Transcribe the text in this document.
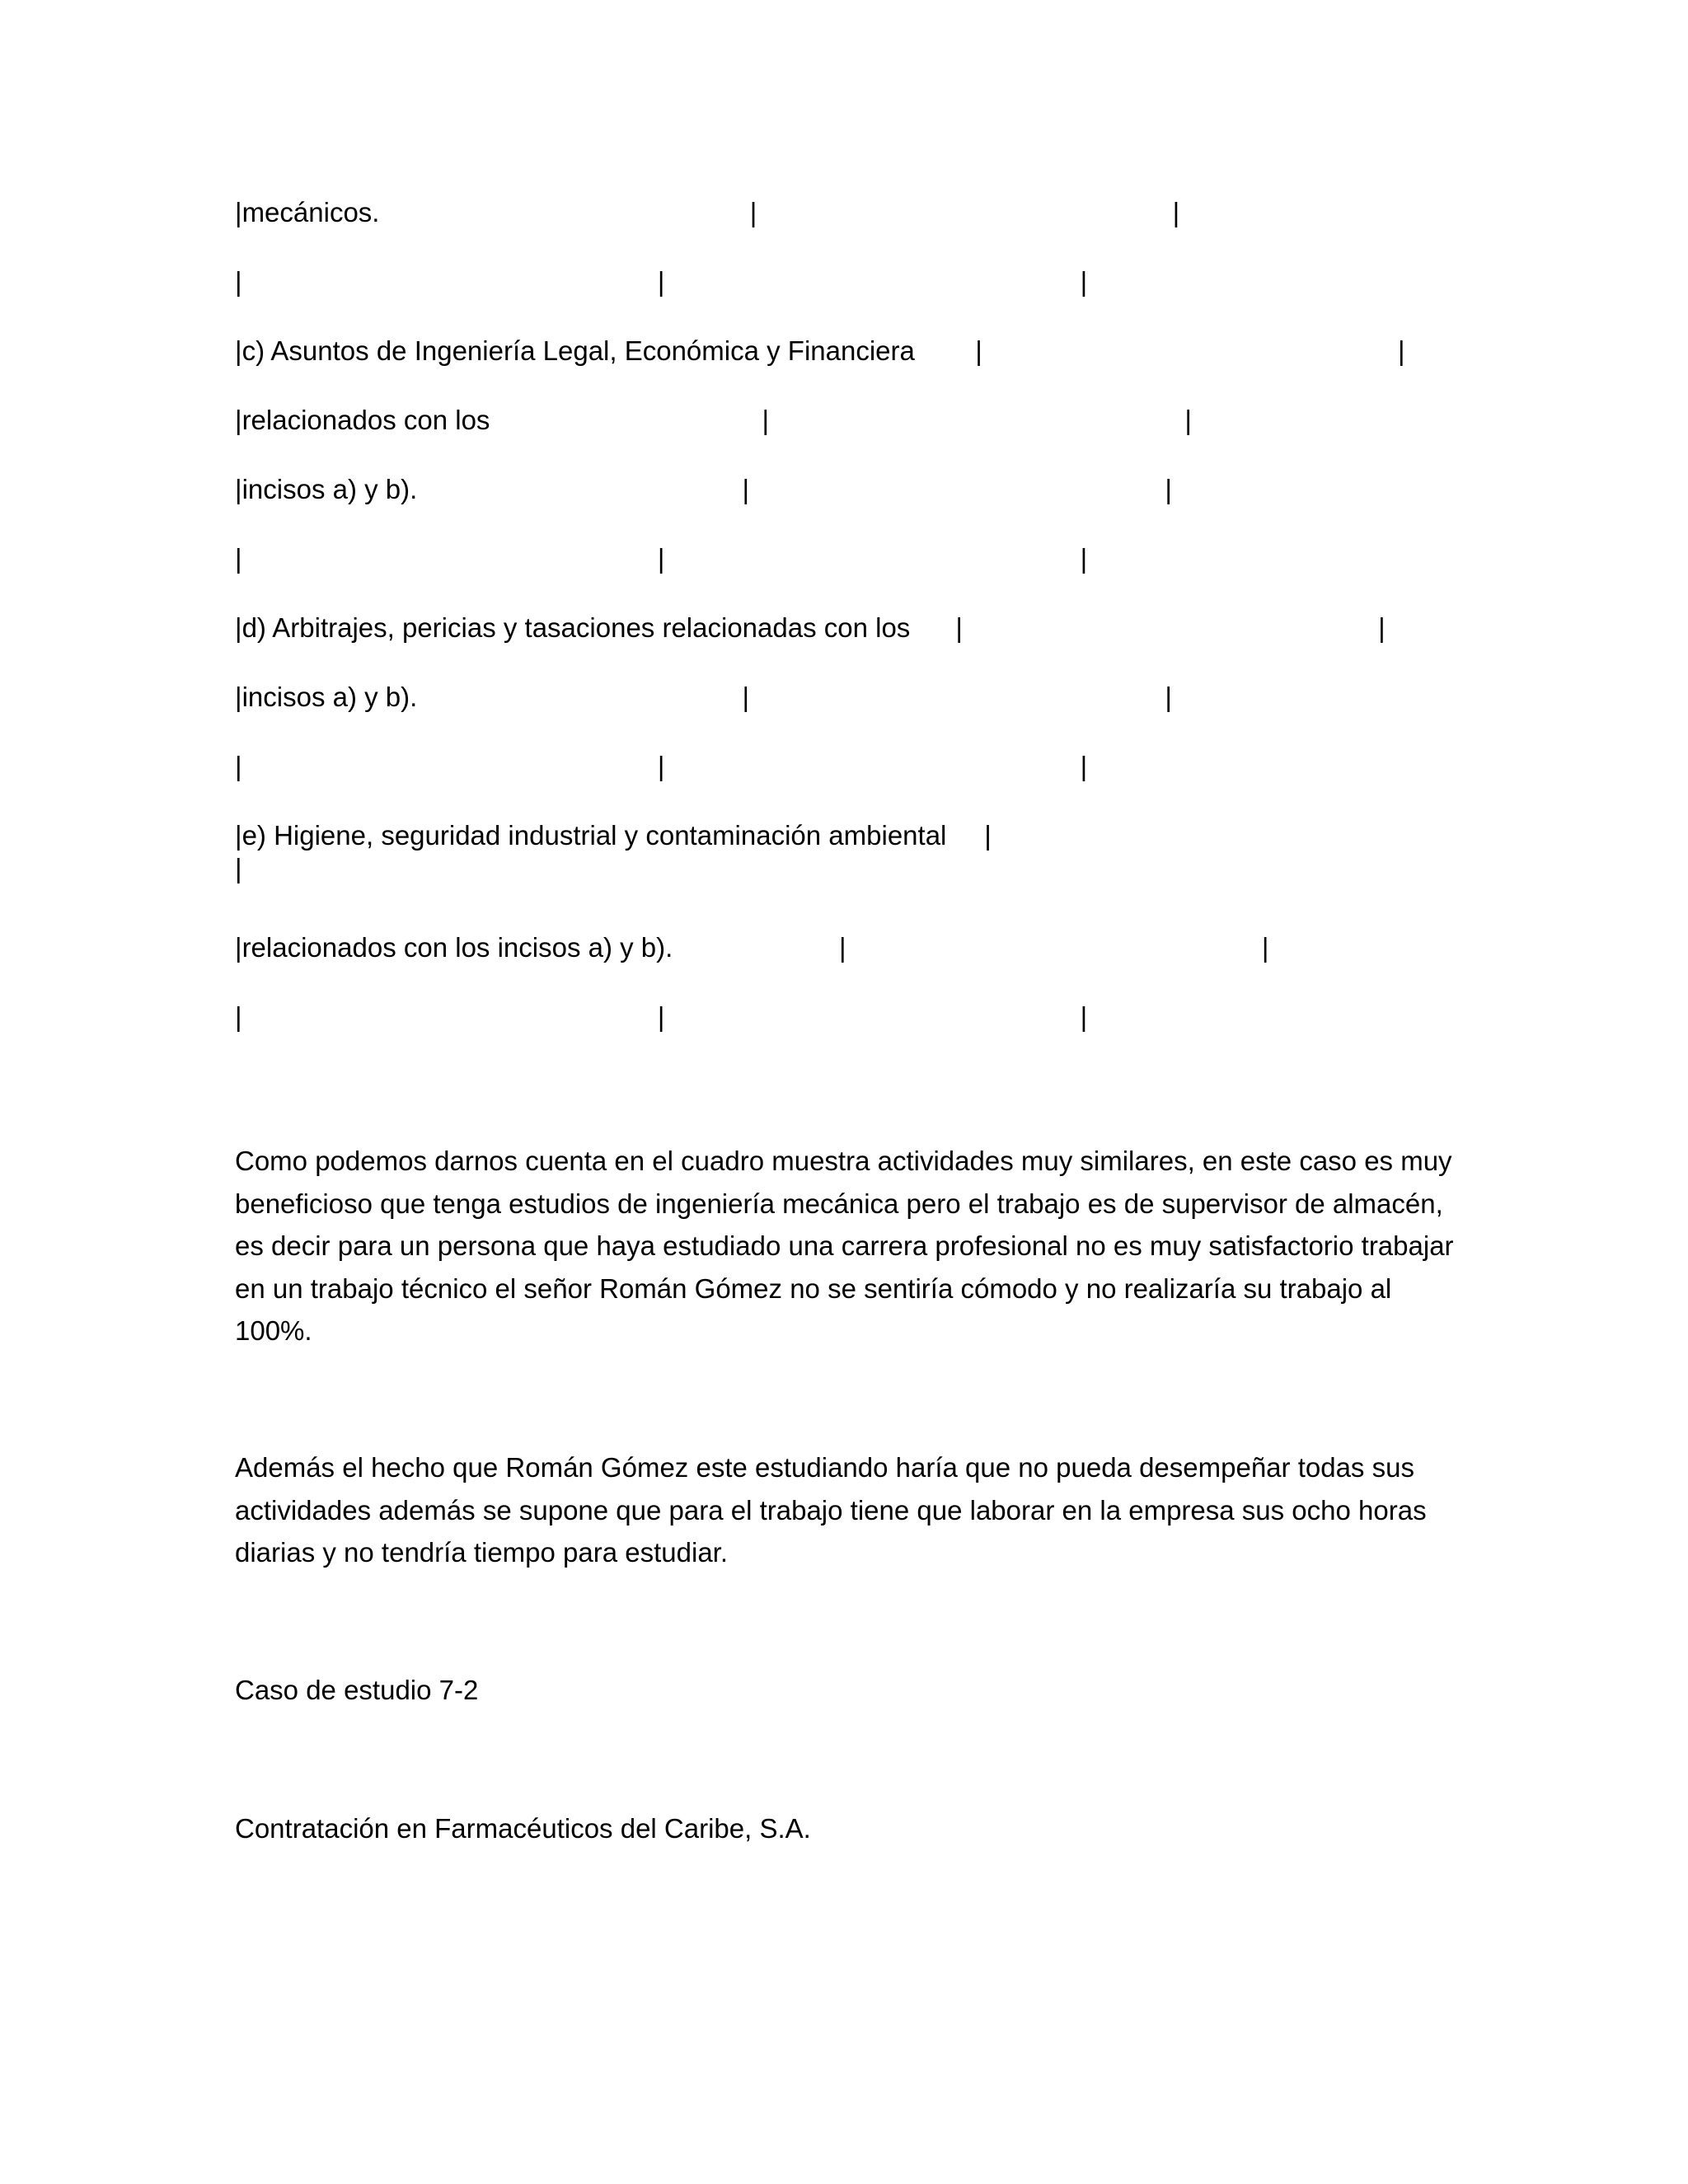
|mecánicos.                                                 |                                                       |
|                                                       |                                                       |
|c) Asuntos de Ingeniería Legal, Económica y Financiera        |                                                       |
|relacionados con los                                    |                                                       |
|incisos a) y b).                                           |                                                       |
|                                                       |                                                       |
|d) Arbitrajes, pericias y tasaciones relacionadas con los      |                                                       |
|incisos a) y b).                                           |                                                       |
|                                                       |                                                       |
|e) Higiene, seguridad industrial y contaminación ambiental     |
|
|relacionados con los incisos a) y b).                      |                                                       |
|                                                       |                                                       |
Como podemos darnos cuenta en el cuadro muestra actividades muy similares, en este caso es muy beneficioso que tenga estudios de ingeniería mecánica pero el trabajo es de supervisor de almacén, es decir para un persona que haya estudiado una carrera profesional no es muy satisfactorio trabajar en un trabajo técnico el señor Román Gómez no se sentiría cómodo y no realizaría su trabajo al 100%.
Además el hecho que Román Gómez este estudiando haría que no pueda desempeñar todas sus actividades además se supone que para el trabajo tiene que laborar en la empresa sus ocho horas diarias y no tendría tiempo para estudiar.
Caso de estudio 7-2
Contratación en Farmacéuticos del Caribe, S.A.
